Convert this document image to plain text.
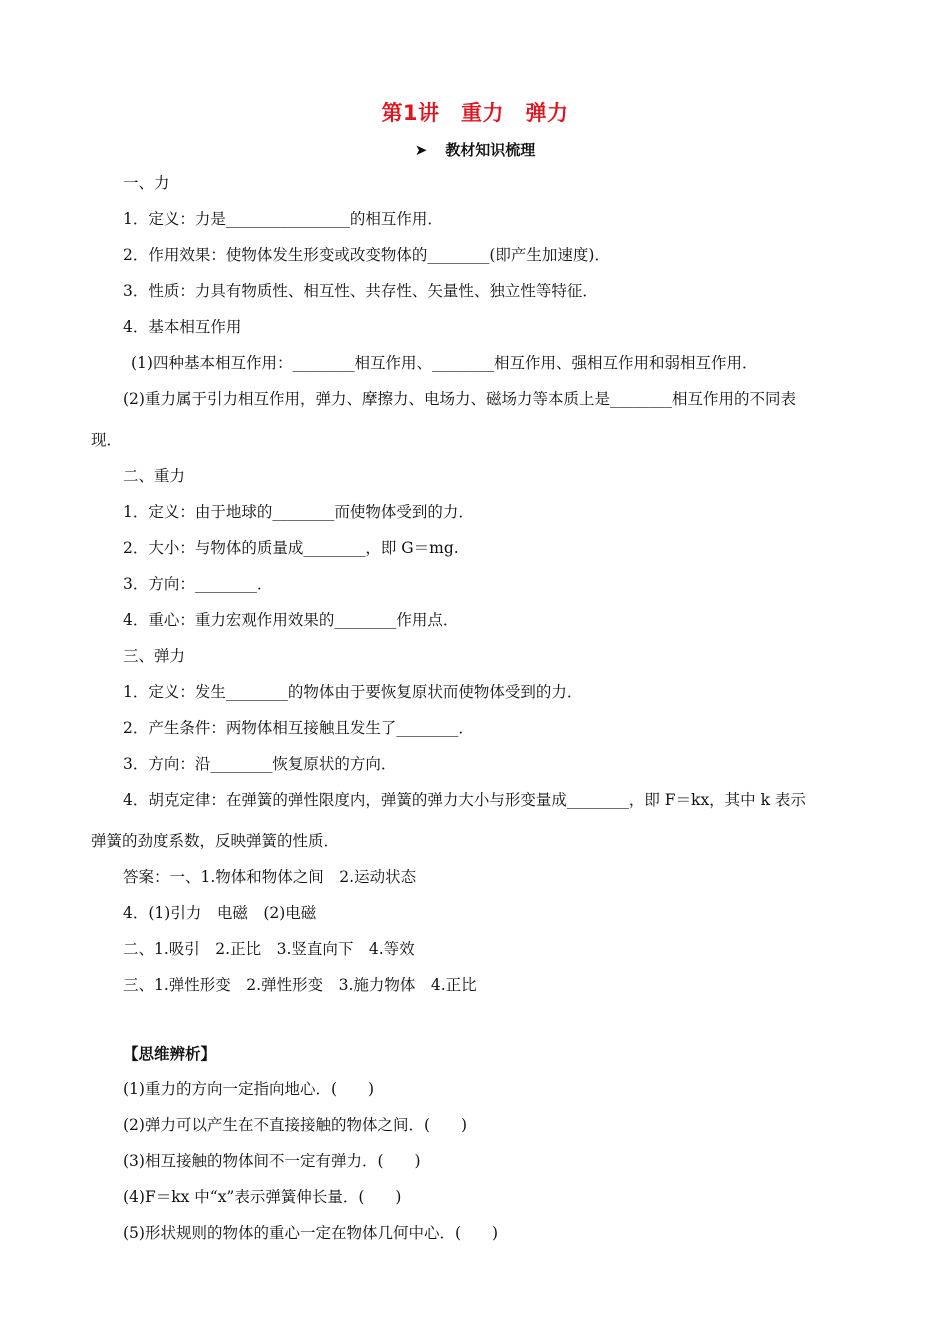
第1讲　重力　弹力
➤ 教材知识梳理
一、力
1．定义：力是________________的相互作用．
2．作用效果：使物体发生形变或改变物体的________(即产生加速度)．
3．性质：力具有物质性、相互性、共存性、矢量性、独立性等特征．
4．基本相互作用
(1)四种基本相互作用：________相互作用、________相互作用、强相互作用和弱相互作用．
(2)重力属于引力相互作用，弹力、摩擦力、电场力、磁场力等本质上是________相互作用的不同表
现．
二、重力
1．定义：由于地球的________而使物体受到的力．
2．大小：与物体的质量成________，即 G＝mg.
3．方向：________．
4．重心：重力宏观作用效果的________作用点．
三、弹力
1．定义：发生________的物体由于要恢复原状而使物体受到的力．
2．产生条件：两物体相互接触且发生了________．
3．方向：沿________恢复原状的方向．
4．胡克定律：在弹簧的弹性限度内，弹簧的弹力大小与形变量成________，即 F＝kx，其中 k 表示
弹簧的劲度系数，反映弹簧的性质．
答案：一、1.物体和物体之间　2.运动状态
4．(1)引力　电磁　(2)电磁
二、1.吸引　2.正比　3.竖直向下　4.等效
三、1.弹性形变　2.弹性形变　3.施力物体　4.正比
【思维辨析】
(1)重力的方向一定指向地心．(　　)
(2)弹力可以产生在不直接接触的物体之间．(　　)
(3)相互接触的物体间不一定有弹力．(　　)
(4)F＝kx 中“x”表示弹簧伸长量．(　　)
(5)形状规则的物体的重心一定在物体几何中心．(　　)
